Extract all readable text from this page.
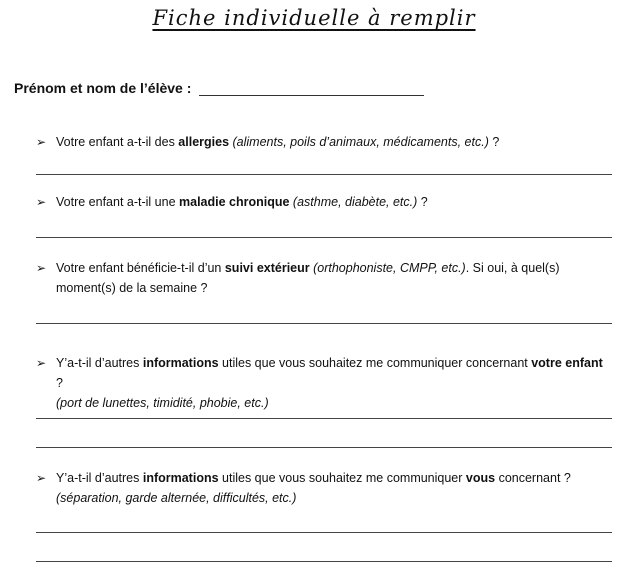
Fiche individuelle à remplir
Prénom et nom de l’élève :
➢ Votre enfant a-t-il des allergies (aliments, poils d’animaux, médicaments, etc.) ?
➢ Votre enfant a-t-il une maladie chronique (asthme, diabète, etc.) ?
➢ Votre enfant bénéficie-t-il d’un suivi extérieur (orthophoniste, CMPP, etc.). Si oui, à quel(s) moment(s) de la semaine ?
➢ Y’a-t-il d’autres informations utiles que vous souhaitez me communiquer concernant votre enfant ?
(port de lunettes, timidité, phobie, etc.)
➢ Y’a-t-il d’autres informations utiles que vous souhaitez me communiquer vous concernant ?
(séparation, garde alternée, difficultés, etc.)
